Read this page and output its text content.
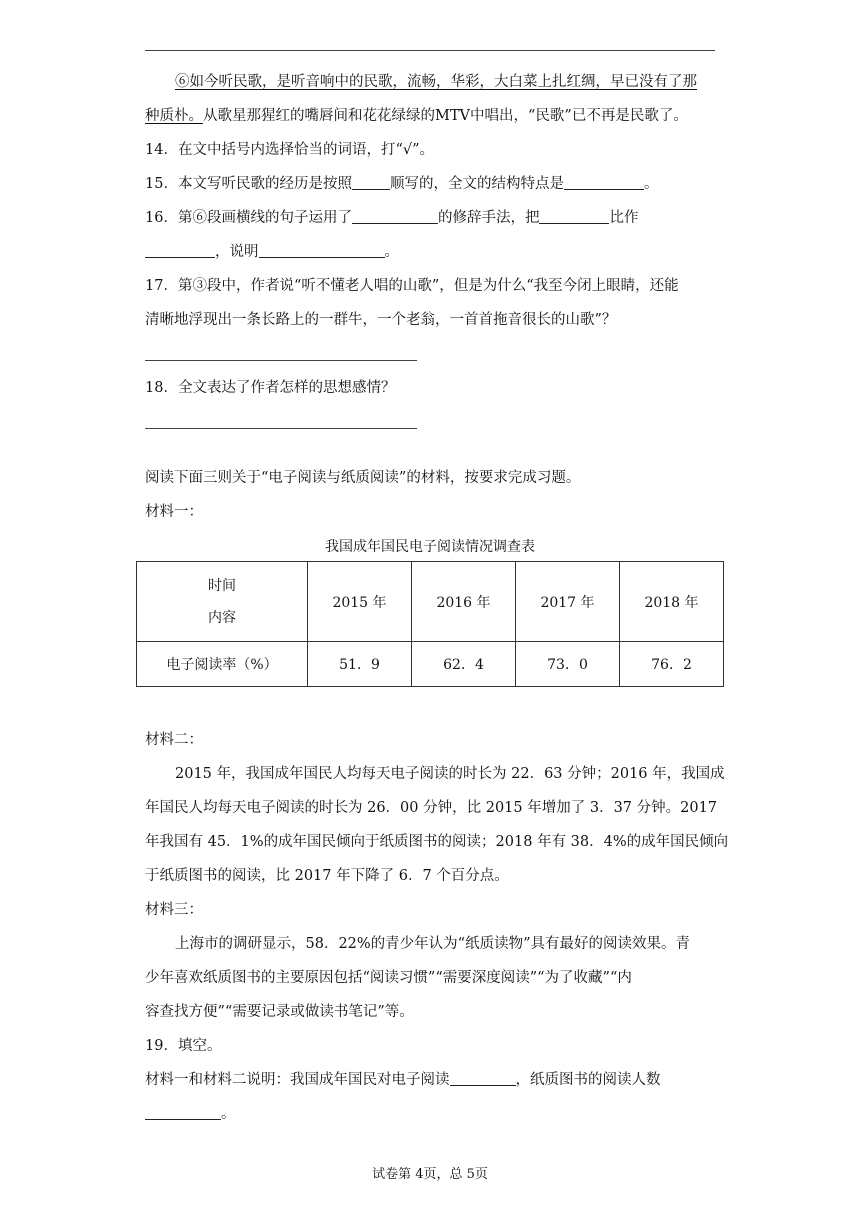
⑥如今听民歌，是听音响中的民歌，流畅，华彩，大白菜上扎红绸，早已没有了那
种质朴。从歌星那猩红的嘴唇间和花花绿绿的MTV中唱出，“民歌”已不再是民歌了。
14．在文中括号内选择恰当的词语，打“√”。
15．本文写听民歌的经历是按照	顺写的，全文的结构特点是	。
16．第⑥段画横线的句子运用了	的修辞手法，把	比作
，说明	。
17．第③段中，作者说“听不懂老人唱的山歌”，但是为什么“我至今闭上眼睛，还能
清晰地浮现出一条长路上的一群牛，一个老翁，一首首拖音很长的山歌”？
18．全文表达了作者怎样的思想感情？
阅读下面三则关于“电子阅读与纸质阅读”的材料，按要求完成习题。
材料一：
我国成年国民电子阅读情况调查表
时间
内容	2015 年	2016 年	2017 年	2018 年
电子阅读率（%）	51．9	62．4	73．0	76．2
材料二：
2015 年，我国成年国民人均每天电子阅读的时长为 22．63 分钟；2016 年，我国成
年国民人均每天电子阅读的时长为 26．00 分钟，比 2015 年增加了 3．37 分钟。2017
年我国有 45．1%的成年国民倾向于纸质图书的阅读；2018 年有 38．4%的成年国民倾向
于纸质图书的阅读，比 2017 年下降了 6．7 个百分点。
材料三：
上海市的调研显示，58．22%的青少年认为“纸质读物”具有最好的阅读效果。青
少年喜欢纸质图书的主要原因包括“阅读习惯”“需要深度阅读”“为了收藏”“内
容查找方便”“需要记录或做读书笔记”等。
19．填空。
材料一和材料二说明：我国成年国民对电子阅读	，纸质图书的阅读人数
。
试卷第 4页，总 5页
